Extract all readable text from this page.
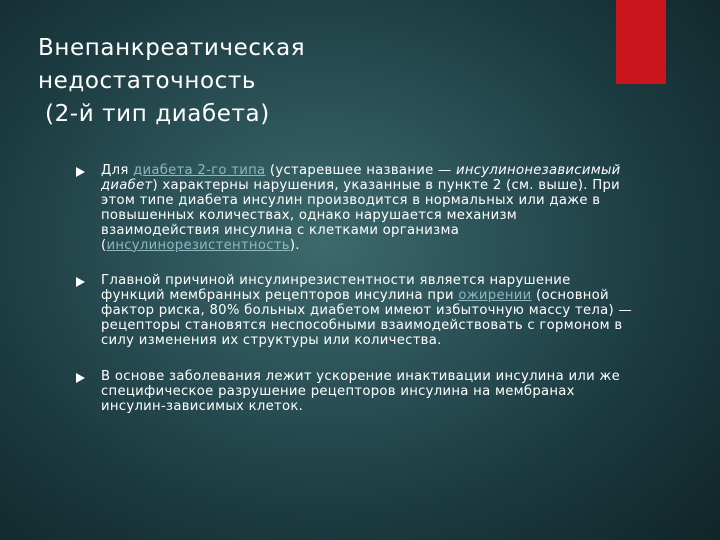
Внепанкреатическая
недостаточность
(2-й тип диабета)
Для диабета 2-го типа (устаревшее название — инсулинонезависимый диабет) характерны нарушения, указанные в пункте 2 (см. выше). При этом типе диабета инсулин производится в нормальных или даже в повышенных количествах, однако нарушается механизм взаимодействия инсулина с клетками организма (инсулинорезистентность).
Главной причиной инсулинрезистентности является нарушение функций мембранных рецепторов инсулина при ожирении (основной фактор риска, 80% больных диабетом имеют избыточную массу тела) — рецепторы становятся неспособными взаимодействовать с гормоном в силу изменения их структуры или количества.
В основе заболевания лежит ускорение инактивации инсулина или же специфическое разрушение рецепторов инсулина на мембранах инсулин-зависимых клеток.
